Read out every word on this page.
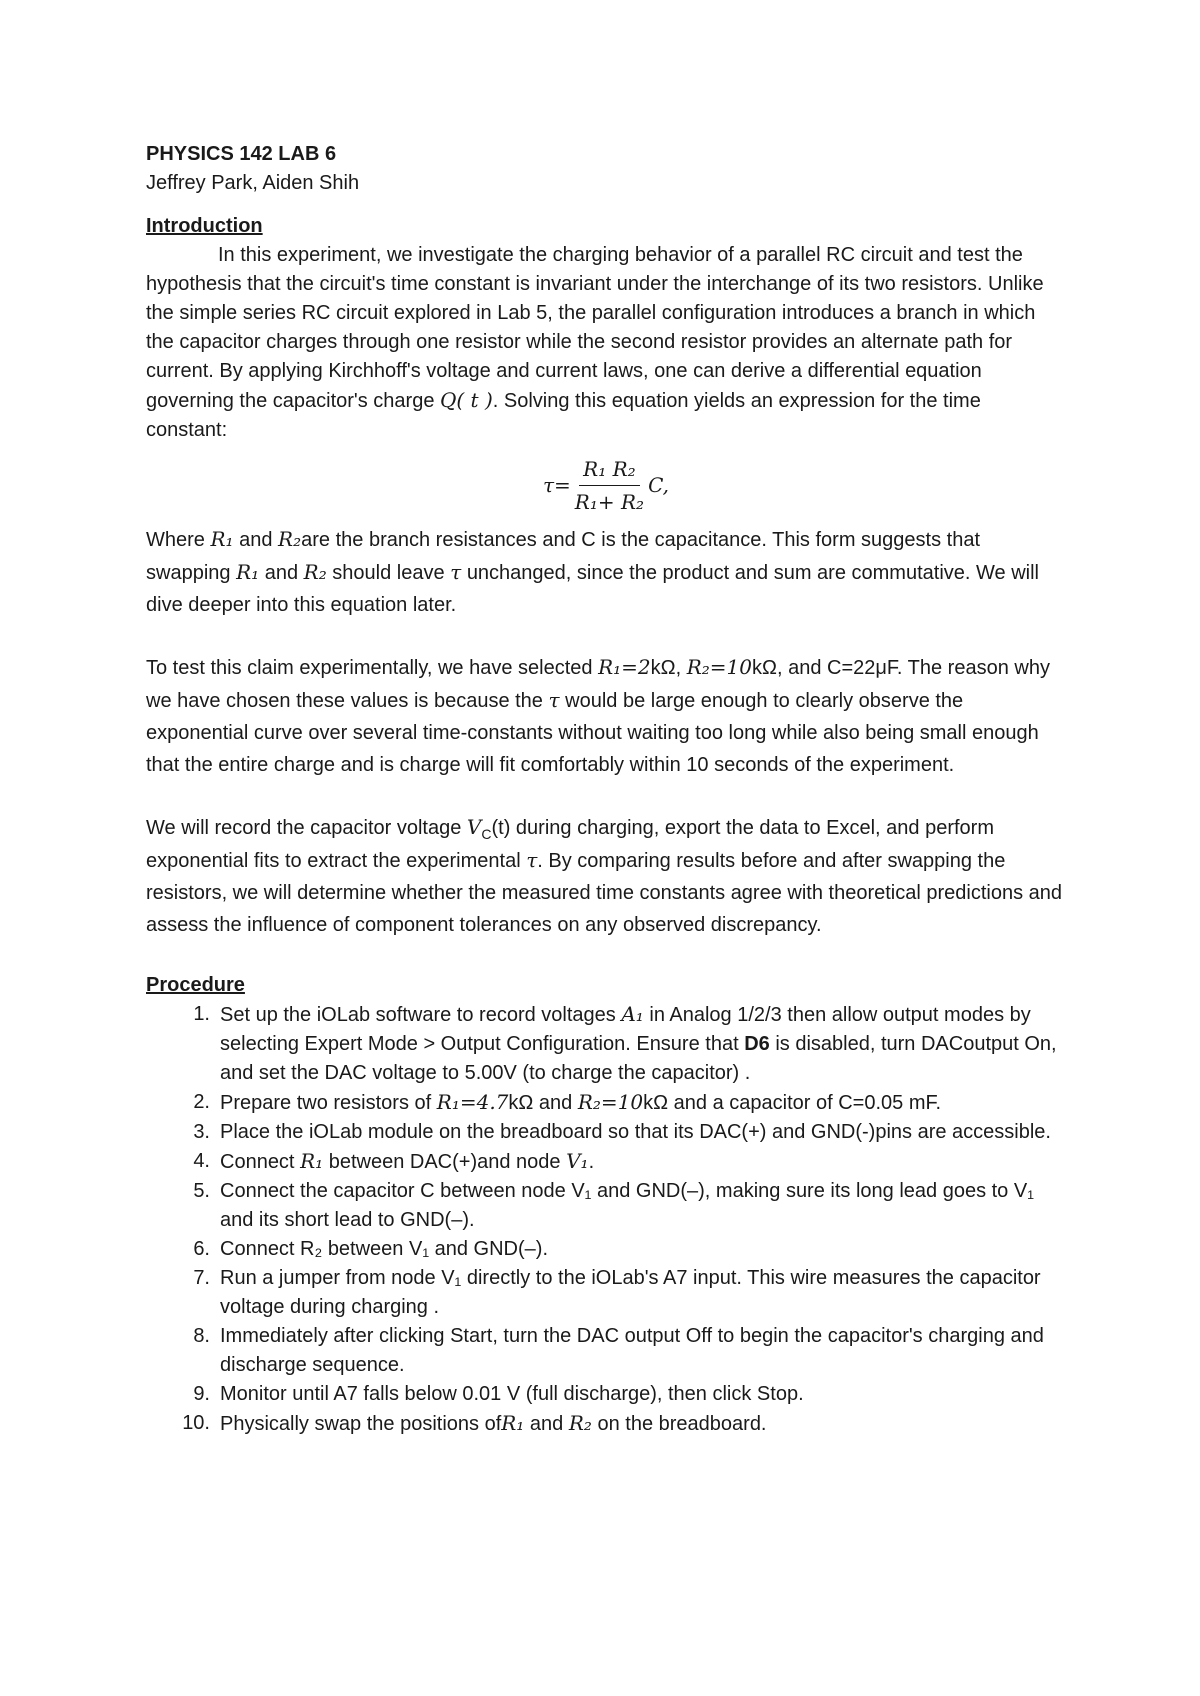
PHYSICS 142 LAB 6

Jeffrey Park, Aiden Shih

Introduction

In this experiment, we investigate the charging behavior of a parallel RC circuit and test the hypothesis that the circuit's time constant is invariant under the interchange of its two resistors. Unlike the simple series RC circuit explored in Lab 5, the parallel configuration introduces a branch in which the capacitor charges through one resistor while the second resistor provides an alternate path for current. By applying Kirchhoff's voltage and current laws, one can derive a differential equation governing the capacitor's charge Q( t ). Solving this equation yields an expression for the time constant:

$\tau= \frac{\text{R₁ R₂}}{\text{R₁+ R₂}} C$,

Where R₁ and R₂are the branch resistances and C is the capacitance. This form suggests that swapping R₁ and R₂ should leave τ unchanged, since the product and sum are commutative. We will dive deeper into this equation later.

To test this claim experimentally, we have selected R₁=2kΩ, R₂=10kΩ, and C=22μF. The reason why we have chosen these values is because the τ would be large enough to clearly observe the exponential curve over several time-constants without waiting too long while also being small enough that the entire charge and is charge will fit comfortably within 10 seconds of the experiment.

We will record the capacitor voltage $V_C(t)$ during charging, export the data to Excel, and perform exponential fits to extract the experimental τ. By comparing results before and after swapping the resistors, we will determine whether the measured time constants agree with theoretical predictions and assess the influence of component tolerances on any observed discrepancy.

Procedure

1. Set up the iOLab software to record voltages A₁ in Analog 1/2/3 then allow output modes by selecting Expert Mode > Output Configuration. Ensure that D6 is disabled, turn DACoutput On, and set the DAC voltage to 5.00V (to charge the capacitor) .
2. Prepare two resistors of R₁=4.7kΩ and R₂=10kΩ and a capacitor of C=0.05 mF.
3. Place the iOLab module on the breadboard so that its DAC(+) and GND(-)pins are accessible.
4. Connect R₁ between DAC(+)and node V₁.
5. Connect the capacitor C between node V₁ and GND(–), making sure its long lead goes to V₁ and its short lead to GND(–).
6. Connect R₂ between V₁ and GND(–).
7. Run a jumper from node V₁ directly to the iOLab's A7 input. This wire measures the capacitor voltage during charging .
8. Immediately after clicking Start, turn the DAC output Off to begin the capacitor's charging and discharge sequence.
9. Monitor until A7 falls below 0.01 V (full discharge), then click Stop.
10. Physically swap the positions ofR₁ and R₂ on the breadboard.
